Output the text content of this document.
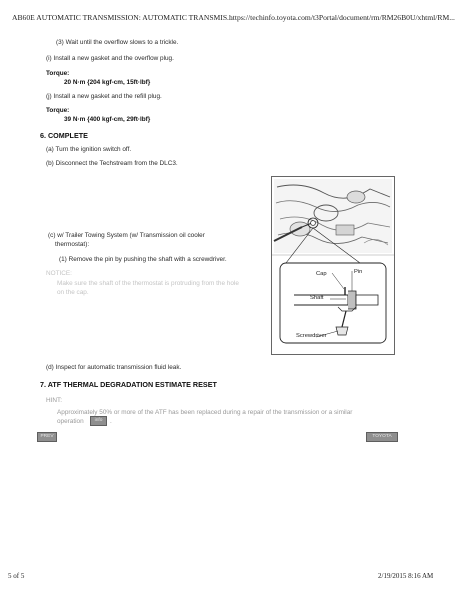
AB60E AUTOMATIC TRANSMISSION: AUTOMATIC TRANSMIS...
https://techinfo.toyota.com/t3Portal/document/rm/RM26B0U/xhtml/RM...
(3) Wait until the overflow slows to a trickle.
(i) Install a new gasket and the overflow plug.
Torque:
20 N·m {204 kgf-cm, 15ft·lbf}
(j) Install a new gasket and the refill plug.
Torque:
39 N·m {400 kgf-cm, 29ft·lbf}
6. COMPLETE
(a) Turn the ignition switch off.
(b) Disconnect the Techstream from the DLC3.
(c) w/ Trailer Towing System (w/ Transmission oil cooler
thermostat):
(1) Remove the pin by pushing the shaft with a screwdriver.
NOTICE:
Make sure the shaft of the thermostat is protruding from the hole
on the cap.
(d) Inspect for automatic transmission fluid leak.
Cap	Pin
Shaft
Screwdriver
7. ATF THERMAL DEGRADATION ESTIMATE RESET
HINT:
Approximately 50% or more of the ATF has been replaced during a repair of the transmission or a similar
operation	info	.
PREV	TOYOTA
5 of 5	2/19/2015 8:16 AM
